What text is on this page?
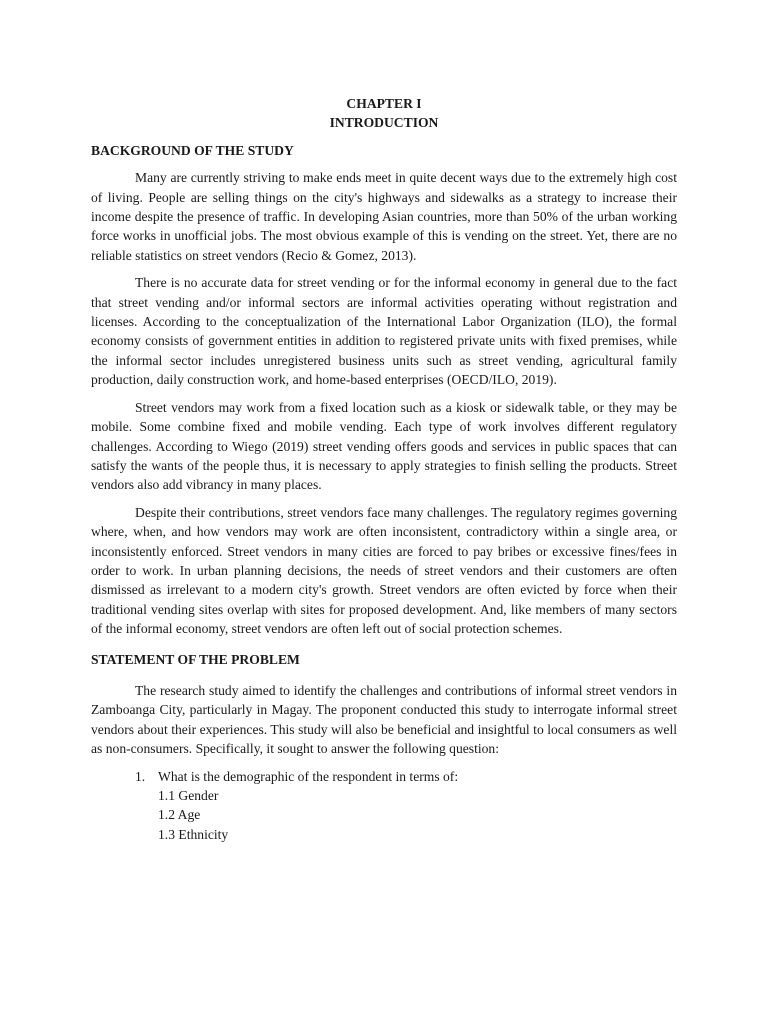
CHAPTER I

INTRODUCTION

BACKGROUND OF THE STUDY

Many are currently striving to make ends meet in quite decent ways due to the extremely high cost of living. People are selling things on the city's highways and sidewalks as a strategy to increase their income despite the presence of traffic. In developing Asian countries, more than 50% of the urban working force works in unofficial jobs. The most obvious example of this is vending on the street. Yet, there are no reliable statistics on street vendors (Recio & Gomez, 2013).

There is no accurate data for street vending or for the informal economy in general due to the fact that street vending and/or informal sectors are informal activities operating without registration and licenses. According to the conceptualization of the International Labor Organization (ILO), the formal economy consists of government entities in addition to registered private units with fixed premises, while the informal sector includes unregistered business units such as street vending, agricultural family production, daily construction work, and home-based enterprises (OECD/ILO, 2019).

Street vendors may work from a fixed location such as a kiosk or sidewalk table, or they may be mobile. Some combine fixed and mobile vending. Each type of work involves different regulatory challenges. According to Wiego (2019) street vending offers goods and services in public spaces that can satisfy the wants of the people thus, it is necessary to apply strategies to finish selling the products. Street vendors also add vibrancy in many places.

Despite their contributions, street vendors face many challenges. The regulatory regimes governing where, when, and how vendors may work are often inconsistent, contradictory within a single area, or inconsistently enforced. Street vendors in many cities are forced to pay bribes or excessive fines/fees in order to work. In urban planning decisions, the needs of street vendors and their customers are often dismissed as irrelevant to a modern city's growth. Street vendors are often evicted by force when their traditional vending sites overlap with sites for proposed development. And, like members of many sectors of the informal economy, street vendors are often left out of social protection schemes.

STATEMENT OF THE PROBLEM

The research study aimed to identify the challenges and contributions of informal street vendors in Zamboanga City, particularly in Magay. The proponent conducted this study to interrogate informal street vendors about their experiences. This study will also be beneficial and insightful to local consumers as well as non-consumers. Specifically, it sought to answer the following question:

1. What is the demographic of the respondent in terms of:
1.1 Gender
1.2 Age
1.3 Ethnicity
